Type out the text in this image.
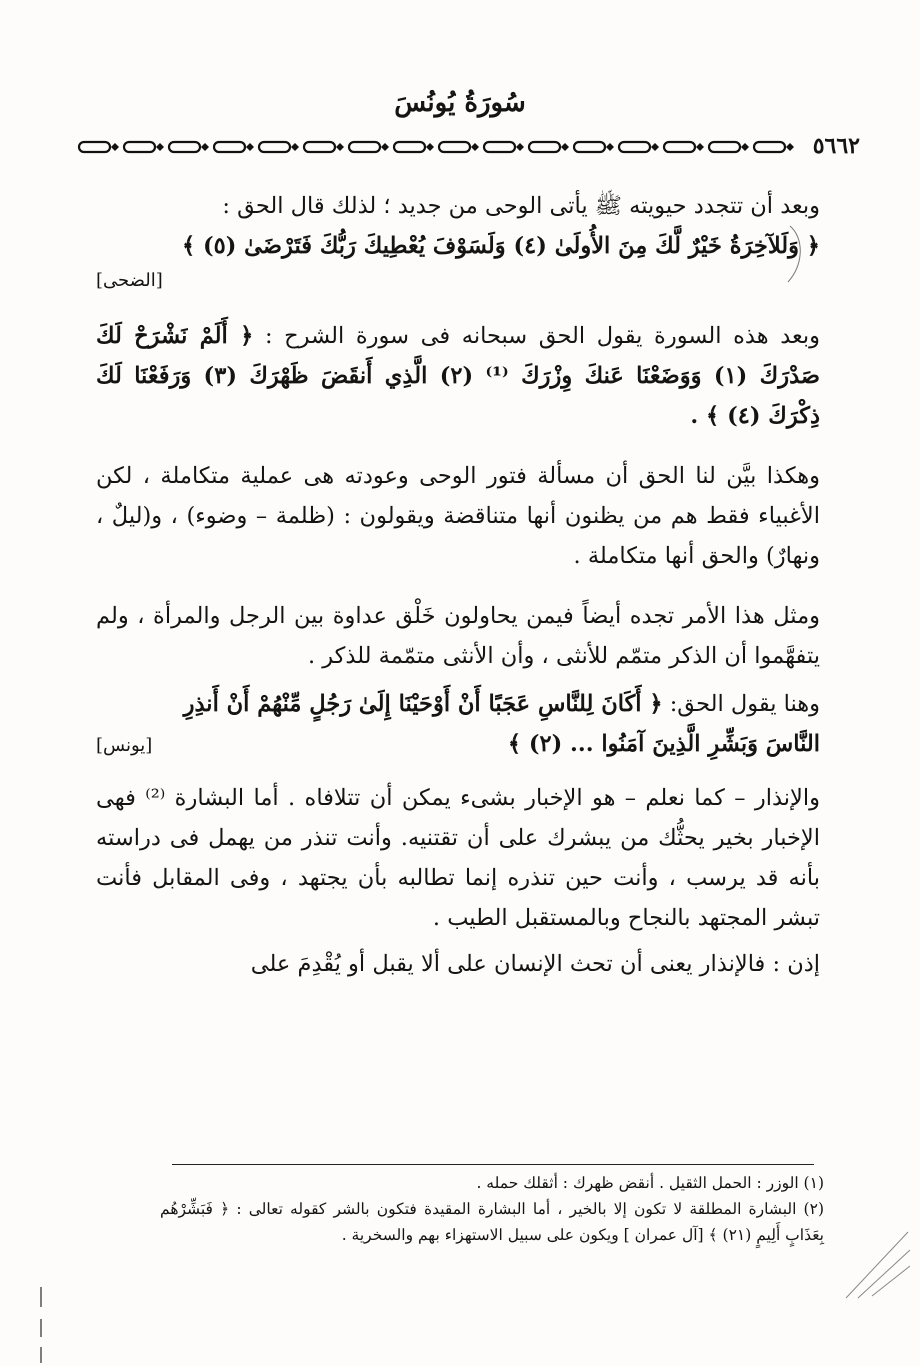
سُورَةُ يُونُسَ
٥٦٦٢

وبعد أن تتجدد حيويته ﷺ يأتى الوحى من جديد ؛ لذلك قال الحق :

﴿ وَلَلآخِرَةُ خَيْرٌ لَّكَ مِنَ الأُولَىٰ (٤) وَلَسَوْفَ يُعْطِيكَ رَبُّكَ فَتَرْضَىٰ (٥) ﴾

[الضحى]

وبعد هذه السورة يقول الحق سبحانه فى سورة الشرح : ﴿ أَلَمْ نَشْرَحْ لَكَ صَدْرَكَ (١) وَوَضَعْنَا عَنكَ وِزْرَكَ ⁽¹⁾ (٢) الَّذِي أَنقَضَ ظَهْرَكَ (٣) وَرَفَعْنَا لَكَ ذِكْرَكَ (٤) ﴾ .

وهكذا بيَّن لنا الحق أن مسألة فتور الوحى وعودته هى عملية متكاملة ، لكن الأغبياء فقط هم من يظنون أنها متناقضة ويقولون : (ظلمة – وضوء) ، و(ليلٌ ، ونهارٌ) والحق أنها متكاملة .

ومثل هذا الأمر تجده أيضاً فيمن يحاولون خَلْق عداوة بين الرجل والمرأة ، ولم يتفهَّموا أن الذكر متمّم للأنثى ، وأن الأنثى متمّمة للذكر .

وهنا يقول الحق: ﴿ أَكَانَ لِلنَّاسِ عَجَبًا أَنْ أَوْحَيْنَا إِلَىٰ رَجُلٍ مِّنْهُمْ أَنْ أَنذِرِ

النَّاسَ وَبَشِّرِ الَّذِينَ آمَنُوا ... (٢) ﴾
[يونس]

والإنذار – كما نعلم – هو الإخبار بشىء يمكن أن تتلافاه . أما البشارة ⁽²⁾ فهى الإخبار بخير يحثُّك من يبشرك على أن تقتنيه. وأنت تنذر من يهمل فى دراسته بأنه قد يرسب ، وأنت حين تنذره إنما تطالبه بأن يجتهد ، وفى المقابل فأنت تبشر المجتهد بالنجاح وبالمستقبل الطيب .

إذن : فالإنذار يعنى أن تحث الإنسان على ألا يقبل أو يُقْدِمَ على

(١) الوزر : الحمل الثقيل . أنقض ظهرك : أثقلك حمله .

(٢) البشارة المطلقة لا تكون إلا بالخير ، أما البشارة المقيدة فتكون بالشر كقوله تعالى : ﴿ فَبَشِّرْهُم بِعَذَابٍ أَلِيمٍ (٢١) ﴾ [آل عمران ] ويكون على سبيل الاستهزاء بهم والسخرية .
